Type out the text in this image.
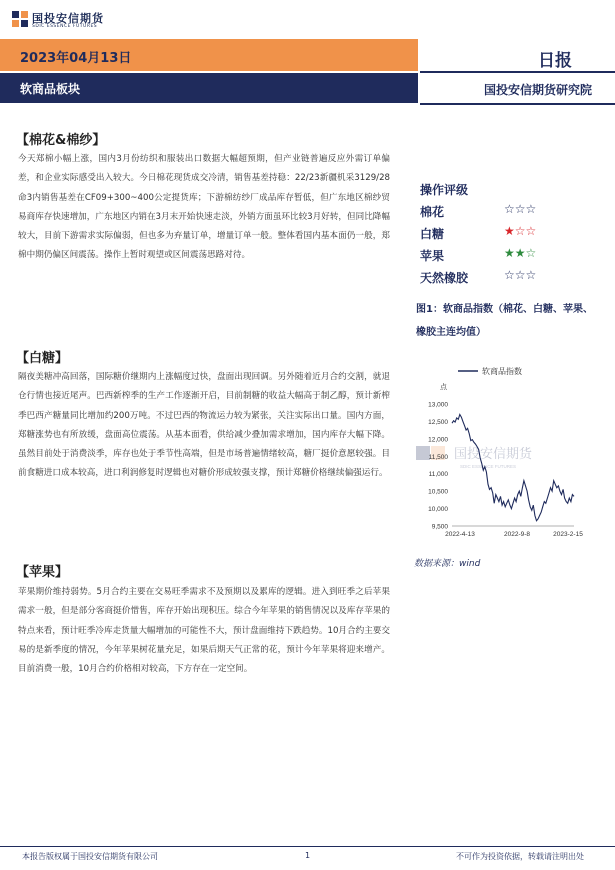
国投安信期货
SDIC ESSENCE FUTURES
2023年04月13日
软商品板块
日报
国投安信期货研究院
【棉花&棉纱】

今天郑棉小幅上涨，国内3月份纺织和服装出口数据大幅超预期，但产业链普遍反应外需订单偏差，和企业实际感受出入较大。今日棉花现货成交冷清，销售基差持稳：22/23新疆机采3129/28命3内销售基差在CF09+300~400公定提货库；下游棉纺纱厂成品库存暂低，但广东地区棉纱贸易商库存快速增加，广东地区内销在3月末开始快速走淡，外销方面虽环比较3月好转，但同比降幅较大，目前下游需求实际偏弱，但也多为弃量订单，增量订单一般。整体看国内基本面仍一般，郑棉中期仍偏区间震荡。操作上暂时观望或区间震荡思路对待。

【白糖】

隔夜美糖冲高回落，国际糖价继期内上涨幅度过快，盘面出现回调。另外随着近月合约交割，就退仓行情也接近尾声。巴西新榨季的生产工作逐渐开启，目前制糖的收益大幅高于制乙醇，预计新榨季巴西产糖量同比增加约200万吨。不过巴西的物流运力较为紧张，关注实际出口量。国内方面，郑糖涨势也有所放缓，盘面高位震荡。从基本面看，供给减少叠加需求增加，国内库存大幅下降。虽然目前处于消费淡季，库存也处于季节性高端，但是市场普遍情绪较高，糖厂挺价意愿较强。目前食糖进口成本较高，进口利润修复时逻辑也对糖价形成较强支撑，预计郑糖价格继续偏强运行。

【苹果】

苹果期价维持弱势。5月合约主要在交易旺季需求不及预期以及累库的逻辑。进入到旺季之后苹果需求一般，但是部分客商挺价惜售，库存开始出现积压。综合今年苹果的销售情况以及库存苹果的特点来看，预计旺季冷库走货量大幅增加的可能性不大，预计盘面维持下跌趋势。10月合约主要交易的是新季度的情况，今年苹果树花量充足，如果后期天气正常的花，预计今年苹果将迎来增产。目前消费一般，10月合约价格相对较高，下方存在一定空间。

操作评级
棉花	☆☆☆
白糖	★☆☆
苹果	★★☆
天然橡胶	☆☆☆
图1：软商品指数（棉花、白糖、苹果、橡胶主连均值）
国投安信期货
SDIC ESSENCE FUTURES
软商品指数
点
13,000
12,500
12,000
11,500
11,000
10,500
10,000
9,500
2022-4-13	2022-9-8	2023-2-15
数据来源：wind
本报告版权属于国投安信期货有限公司	1	不可作为投资依据，转载请注明出处
